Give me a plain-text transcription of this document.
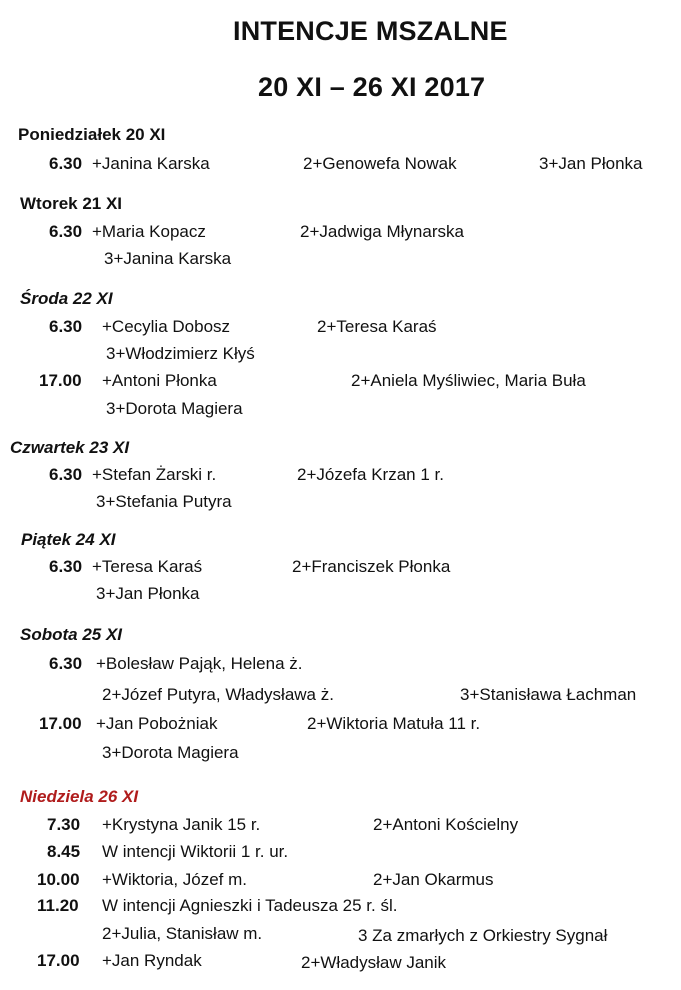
INTENCJE MSZALNE
20 XI – 26 XI 2017
Poniedziałek 20 XI
6.30 +Janina Karska	2+Genowefa Nowak	3+Jan Płonka
Wtorek 21 XI
6.30 +Maria Kopacz	2+Jadwiga Młynarska
3+Janina Karska
Środa 22 XI
6.30 +Cecylia Dobosz	2+Teresa Karaś
3+Włodzimierz Kłyś
17.00 +Antoni Płonka	2+Aniela Myśliwiec, Maria Buła
3+Dorota Magiera
Czwartek 23 XI
6.30 +Stefan Żarski r.	2+Józefa Krzan 1 r.
3+Stefania Putyra
Piątek 24 XI
6.30 +Teresa Karaś	2+Franciszek Płonka
3+Jan Płonka
Sobota 25 XI
6.30 +Bolesław Pająk, Helena ż.
2+Józef Putyra, Władysława ż.	3+Stanisława Łachman
17.00 +Jan Pobożniak	2+Wiktoria Matuła 11 r.
3+Dorota Magiera
Niedziela 26 XI
7.30 +Krystyna Janik 15 r.	2+Antoni Kościelny
8.45 W intencji Wiktorii 1 r. ur.
10.00 +Wiktoria, Józef m.	2+Jan Okarmus
11.20 W intencji Agnieszki i Tadeusza 25 r. śl.
2+Julia, Stanisław m.	3 Za zmarłych z Orkiestry Sygnał
17.00 +Jan Ryndak	2+Władysław Janik
